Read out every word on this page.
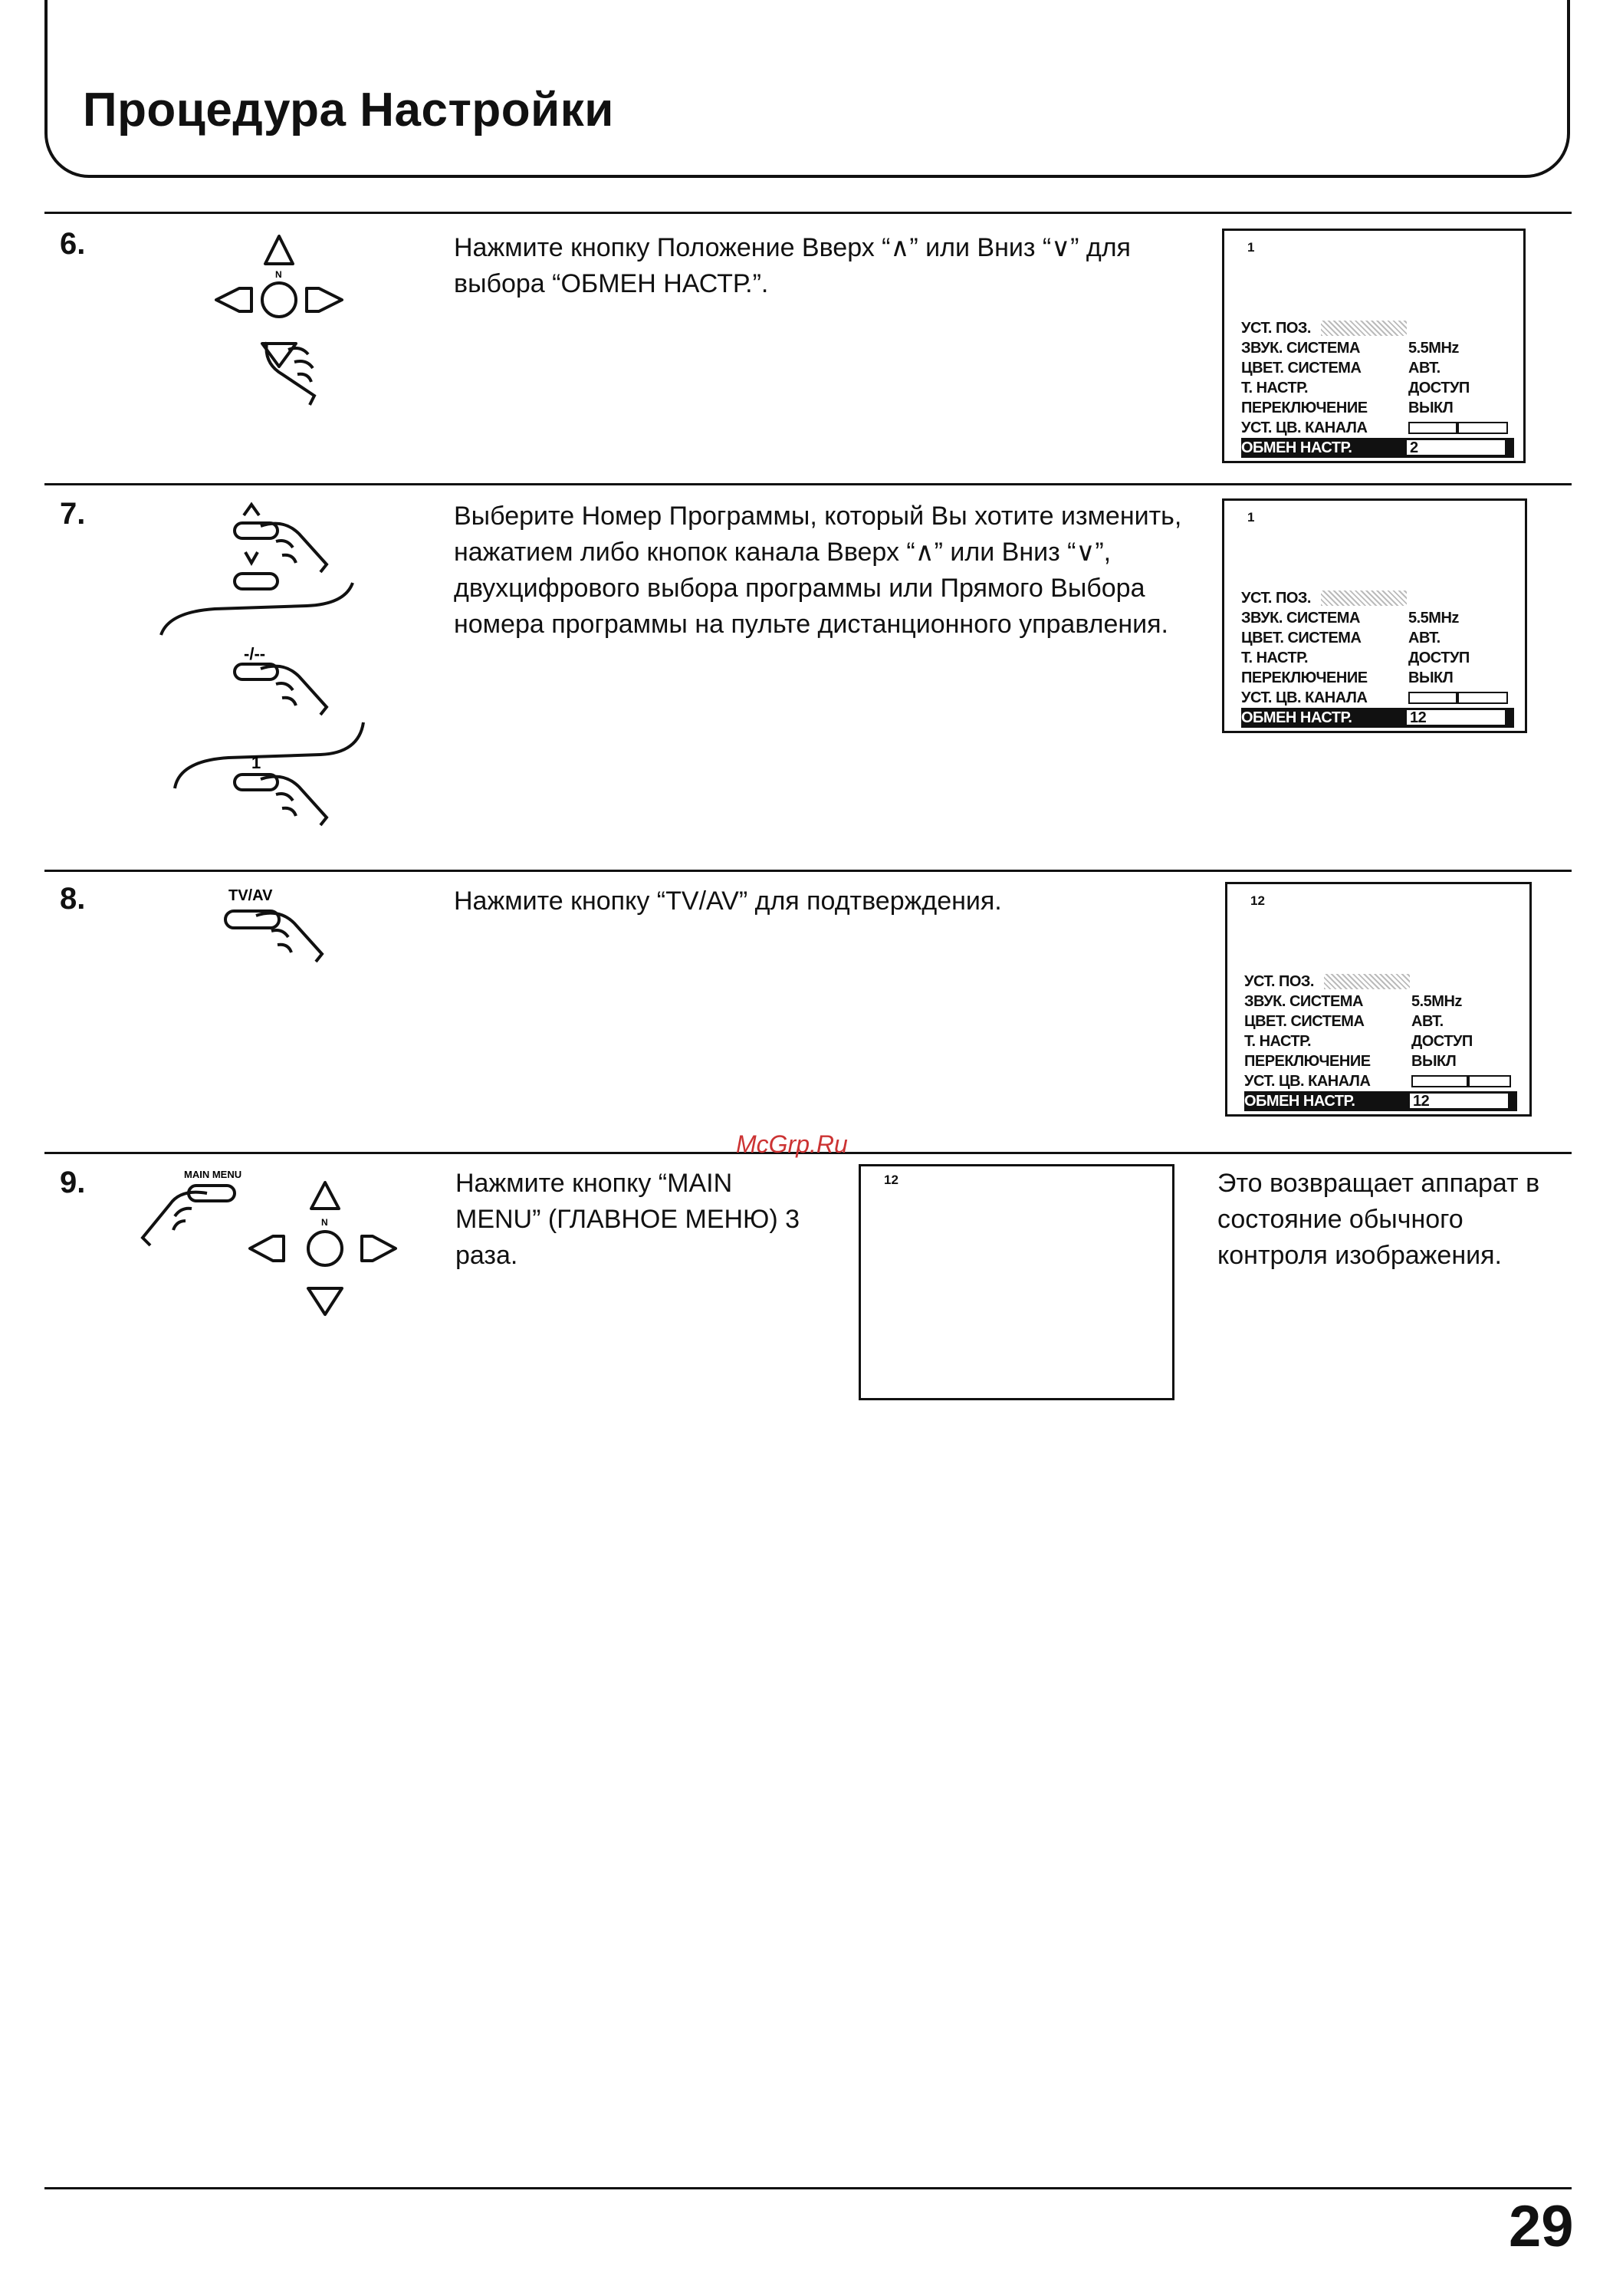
Процедура Настройки
6.
N
Нажмите кнопку Положение Вверх “∧” или Вниз “∨” для выбора “ОБМЕН НАСТР.”.
1
УСТ. ПОЗ.
ЗВУК. СИСТЕМА	5.5MHz
ЦВЕТ. СИСТЕМА	АВТ.
Т. НАСТР.	ДОСТУП
ПЕРЕКЛЮЧЕНИЕ	ВЫКЛ
УСТ. ЦВ. КАНАЛА
ОБМЕН НАСТР.	2
7.
-/--
1
Выберите Номер Программы, который Вы хотите изменить, нажатием либо кнопок канала Вверх “∧” или Вниз “∨”, двухцифрового выбора программы или Прямого Выбора номера программы на пульте дистанционного управления.
1
УСТ. ПОЗ.
ЗВУК. СИСТЕМА	5.5MHz
ЦВЕТ. СИСТЕМА	АВТ.
Т. НАСТР.	ДОСТУП
ПЕРЕКЛЮЧЕНИЕ	ВЫКЛ
УСТ. ЦВ. КАНАЛА
ОБМЕН НАСТР.	12
8.	TV/AV	Нажмите кнопку “TV/AV” для подтверждения.	12
УСТ. ПОЗ.
ЗВУК. СИСТЕМА	5.5MHz
ЦВЕТ. СИСТЕМА	АВТ.
Т. НАСТР.	ДОСТУП
ПЕРЕКЛЮЧЕНИЕ	ВЫКЛ
УСТ. ЦВ. КАНАЛА
ОБМЕН НАСТР.	12
9.	MAIN MENU
N
Нажмите кнопку “MAIN MENU” (ГЛАВНОЕ МЕНЮ) 3 раза.
12	Это возвращает аппарат в состояние обычного контроля изображения.
McGrp.Ru
29
